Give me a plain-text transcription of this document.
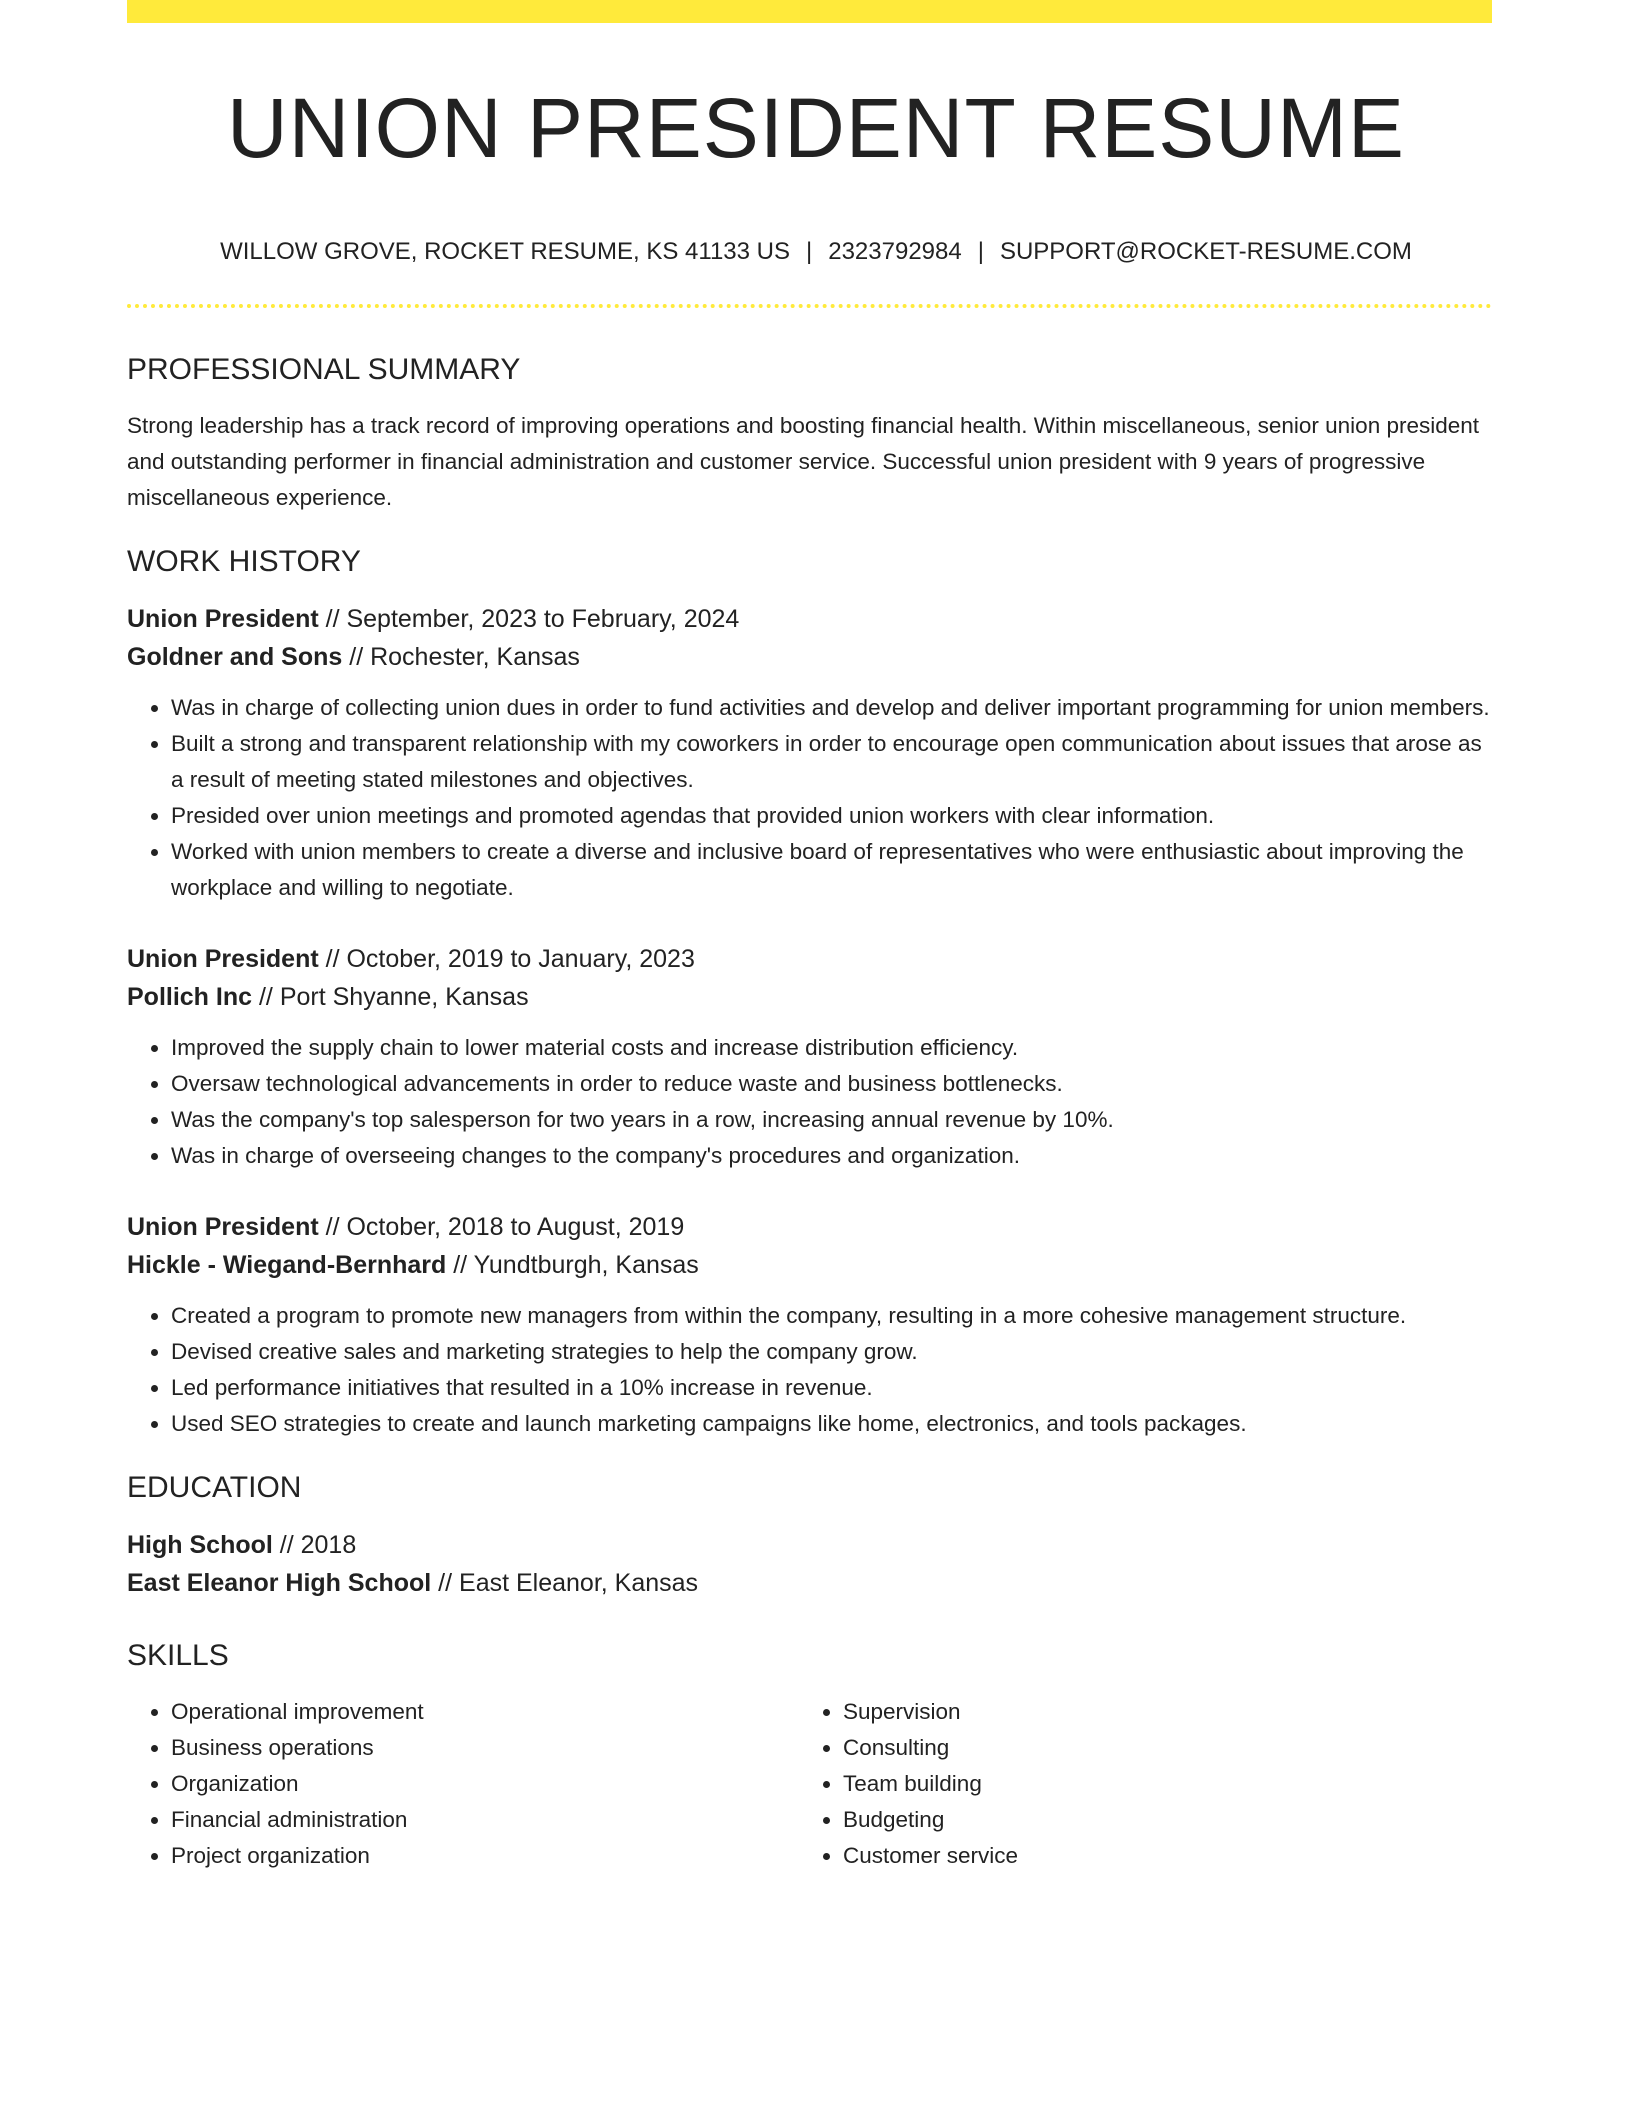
UNION PRESIDENT RESUME
WILLOW GROVE, ROCKET RESUME, KS 41133 US | 2323792984 | SUPPORT@ROCKET-RESUME.COM
PROFESSIONAL SUMMARY

Strong leadership has a track record of improving operations and boosting financial health. Within miscellaneous, senior union president and outstanding performer in financial administration and customer service. Successful union president with 9 years of progressive miscellaneous experience.

WORK HISTORY
Union President // September, 2023 to February, 2024
Goldner and Sons // Rochester, Kansas
• Was in charge of collecting union dues in order to fund activities and develop and deliver important programming for union members.
• Built a strong and transparent relationship with my coworkers in order to encourage open communication about issues that arose as a result of meeting stated milestones and objectives.
• Presided over union meetings and promoted agendas that provided union workers with clear information.
• Worked with union members to create a diverse and inclusive board of representatives who were enthusiastic about improving the workplace and willing to negotiate.
Union President // October, 2019 to January, 2023
Pollich Inc // Port Shyanne, Kansas
• Improved the supply chain to lower material costs and increase distribution efficiency.
• Oversaw technological advancements in order to reduce waste and business bottlenecks.
• Was the company's top salesperson for two years in a row, increasing annual revenue by 10%.
• Was in charge of overseeing changes to the company's procedures and organization.
Union President // October, 2018 to August, 2019
Hickle - Wiegand-Bernhard // Yundtburgh, Kansas
• Created a program to promote new managers from within the company, resulting in a more cohesive management structure.
• Devised creative sales and marketing strategies to help the company grow.
• Led performance initiatives that resulted in a 10% increase in revenue.
• Used SEO strategies to create and launch marketing campaigns like home, electronics, and tools packages.
EDUCATION
High School // 2018
East Eleanor High School // East Eleanor, Kansas
SKILLS
• Operational improvement
• Business operations
• Organization
• Financial administration
• Project organization
• Supervision
• Consulting
• Team building
• Budgeting
• Customer service
